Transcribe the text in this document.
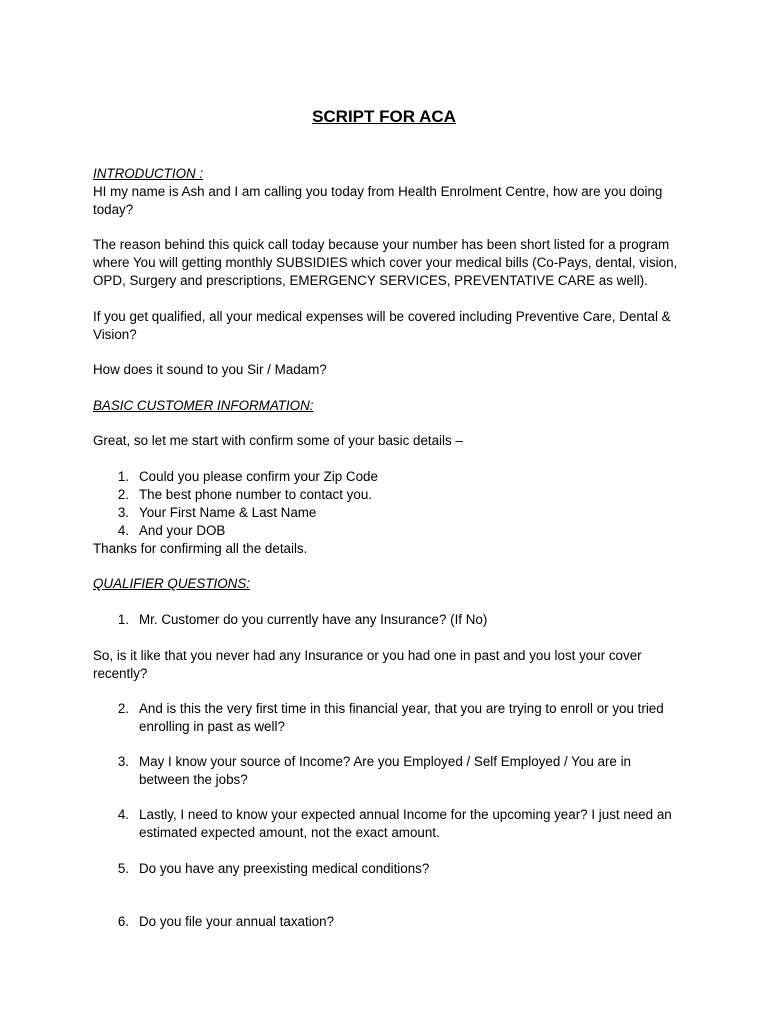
SCRIPT FOR ACA
INTRODUCTION :
HI my name is Ash and I am calling you today from Health Enrolment Centre, how are you doing today?
The reason behind this quick call today because your number has been short listed for a program where You will getting monthly SUBSIDIES which cover your medical bills (Co-Pays, dental, vision, OPD, Surgery and prescriptions, EMERGENCY SERVICES, PREVENTATIVE CARE as well).
If you get qualified, all your medical expenses will be covered including Preventive Care, Dental & Vision?
How does it sound to you Sir / Madam?
BASIC CUSTOMER INFORMATION:
Great, so let me start with confirm some of your basic details –
1. Could you please confirm your Zip Code
2. The best phone number to contact you.
3. Your First Name & Last Name
4. And your DOB
Thanks for confirming all the details.
QUALIFIER QUESTIONS:
1. Mr. Customer do you currently have any Insurance? (If No)
So, is it like that you never had any Insurance or you had one in past and you lost your cover recently?
2. And is this the very first time in this financial year, that you are trying to enroll or you tried enrolling in past as well?
3. May I know your source of Income? Are you Employed / Self Employed / You are in between the jobs?
4. Lastly, I need to know your expected annual Income for the upcoming year? I just need an estimated expected amount, not the exact amount.
5. Do you have any preexisting medical conditions?
6. Do you file your annual taxation?
